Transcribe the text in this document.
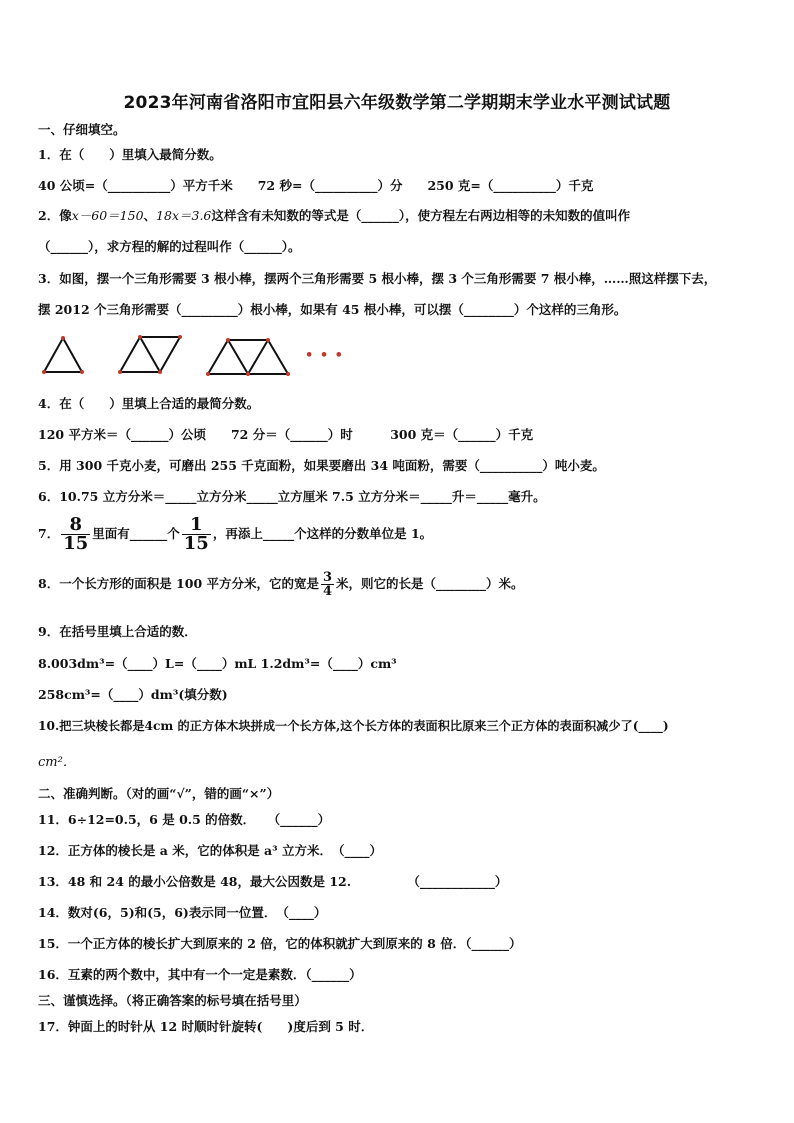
2023年河南省洛阳市宜阳县六年级数学第二学期期末学业水平测试试题
一、仔细填空。
1．在（　　）里填入最简分数。
40 公顷=（__________）平方千米　　72 秒=（__________）分　　250 克=（__________）千克
2．像x－60＝150、18x＝3.6这样含有未知数的等式是（______），使方程左右两边相等的未知数的值叫作
（______），求方程的解的过程叫作（______）。
3．如图，摆一个三角形需要 3 根小棒，摆两个三角形需要 5 根小棒，摆 3 个三角形需要 7 根小棒，……照这样摆下去，
摆 2012 个三角形需要（_________）根小棒，如果有 45 根小棒，可以摆（________）个这样的三角形。
• • •
4．在（　　）里填上合适的最简分数。
120 平方米＝（______）公顷　　72 分＝（______）时　　　300 克＝（______）千克
5．用 300 千克小麦，可磨出 255 千克面粉，如果要磨出 34 吨面粉，需要（__________）吨小麦。
6．10.75 立方分米＝_____立方分米_____立方厘米 7.5 立方分米＝_____升＝_____毫升。
7． $\frac{8}{15}$ 里面有______个 $\frac{1}{15}$ ，再添上_____个这样的分数单位是 1。
8．一个长方形的面积是 100 平方分米，它的宽是 $\frac{3}{4}$ 米，则它的长是（________）米。
9．在括号里填上合适的数．
8.003dm³=（____）L=（____）mL 1.2dm³=（____）cm³
258cm³=（____）dm³(填分数)
10.把三块棱长都是4cm 的正方体木块拼成一个长方体,这个长方体的表面积比原来三个正方体的表面积减少了(____)
cm²．
二、准确判断。（对的画“√”，错的画“×”）
11．6÷12=0.5，6 是 0.5 的倍数．　　（______）
12．正方体的棱长是 a 米，它的体积是 a³ 立方米．　（____）
13．48 和 24 的最小公倍数是 48，最大公因数是 12.　　　　　（____________）
14．数对(6，5)和(5，6)表示同一位置．　（____）
15．一个正方体的棱长扩大到原来的 2 倍，它的体积就扩大到原来的 8 倍．（______）
16．互素的两个数中，其中有一个一定是素数．（______）
三、谨慎选择。（将正确答案的标号填在括号里）
17．钟面上的时针从 12 时顺时针旋转(　　)度后到 5 时．
